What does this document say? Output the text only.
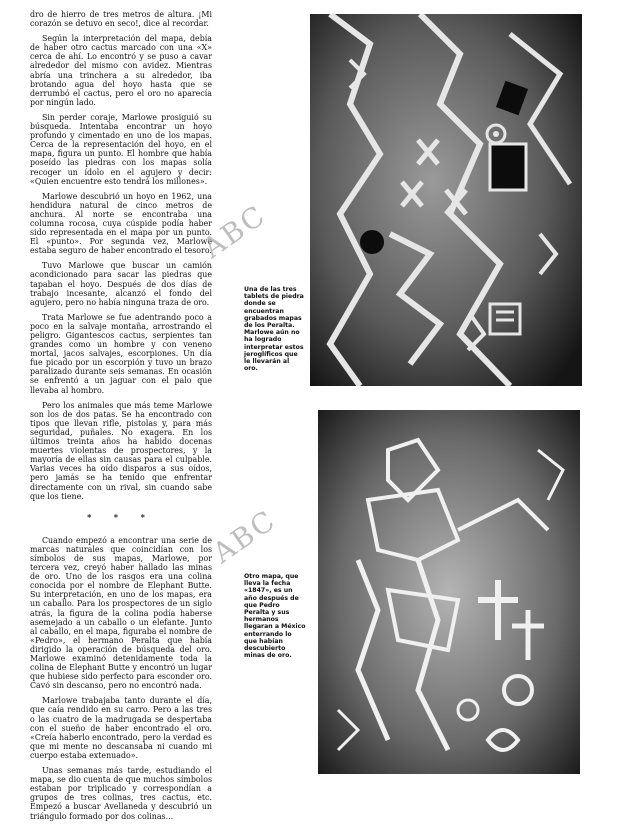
dro de hierro de tres metros de altura. ¡Mi corazón se detuvo en seco!, dice al recordar.

Según la interpretación del mapa, debía de haber otro cactus marcado con una «X» cerca de ahí. Lo encontró y se puso a cavar alrededor del mismo con avidez. Mientras abría una trinchera a su alrededor, iba brotando agua del hoyo hasta que se derrumbó el cactus, pero el oro no aparecía por ningún lado.

Sin perder coraje, Marlowe prosiguió su búsqueda. Intentaba encontrar un hoyo profundo y cimentado en uno de los mapas. Cerca de la representación del hoyo, en el mapa, figura un punto. El hombre que había poseído las piedras con los mapas solía recoger un ídolo en el agujero y decir: «Quien encuentre esto tendrá los millones».

Marlowe descubrió un hoyo en 1962, una hendidura natural de cinco metros de anchura. Al norte se encontraba una columna rocosa, cuya cúspide podía haber sido representada en el mapa por un punto. El «punto». Por segunda vez, Marlowe estaba seguro de haber encontrado el tesoro.

Tuvo Marlowe que buscar un camión acondicionado para sacar las piedras que tapaban el hoyo. Después de dos días de trabajo incesante, alcanzó el fondo del agujero, pero no había ninguna traza de oro.

Trata Marlowe se fue adentrando poco a poco en la salvaje montaña, arrostrando el peligro. Gigantescos cactus, serpientes tan grandes como un hombre y con veneno mortal, jacos salvajes, escorpiones. Un día fue picado por un escorpión y tuvo un brazo paralizado durante seis semanas. En ocasión se enfrentó a un jaguar con el palo que llevaba al hombro.

Pero los animales que más teme Marlowe son los de dos patas. Se ha encontrado con tipos que llevan rifle, pistolas y, para más seguridad, puñales. No exagera. En los últimos treinta años ha habido docenas muertes violentas de prospectores, y la mayoría de ellas sin causas para el culpable. Varias veces ha oído disparos a sus oídos, pero jamás se ha tenido que enfrentar directamente con un rival, sin cuando sabe que los tiene.

* * *

Cuando empezó a encontrar una serie de marcas naturales que coincidían con los símbolos de sus mapas, Marlowe, por tercera vez, creyó haber hallado las minas de oro. Uno de los rasgos era una colina conocida por el nombre de Elephant Butte. Su interpretación, en uno de los mapas, era un caballo. Para los prospectores de un siglo atrás, la figura de la colina podía haberse asemejado a un caballo o un elefante. Junto al caballo, en el mapa, figuraba el nombre de «Pedro», el hermano Peralta que había dirigido la operación de búsqueda del oro. Marlowe examinó detenidamente toda la colina de Elephant Butte y encontró un lugar que hubiese sido perfecto para esconder oro. Cavó sin descanso, pero no encontró nada.

Marlowe trabajaba tanto durante el día, que caía rendido en su carro. Pero a las tres o las cuatro de la madrugada se despertaba con el sueño de haber encontrado el oro. «Creía haberlo encontrado, pero la verdad es que mi mente no descansaba ni cuando mi cuerpo estaba extenuado».

Unas semanas más tarde, estudiando el mapa, se dio cuenta de que muchos símbolos estaban por triplicado y correspondían a grupos de tres colinas, tres cactus, etc. Empezó a buscar Avellaneda y descubrió un triángulo formado por dos colinas...

Una de las tres tablets de piedra donde se encuentran grabados mapas de los Peralta. Marlowe aún no ha logrado interpretar estos jeroglíficos que le llevarán al oro.
Otro mapa, que lleva la fecha «1847», es un año después de que Pedro Peralta y sus hermanos llegaran a México enterrando lo que habían descubierto minas de oro.
ABC
ABC
